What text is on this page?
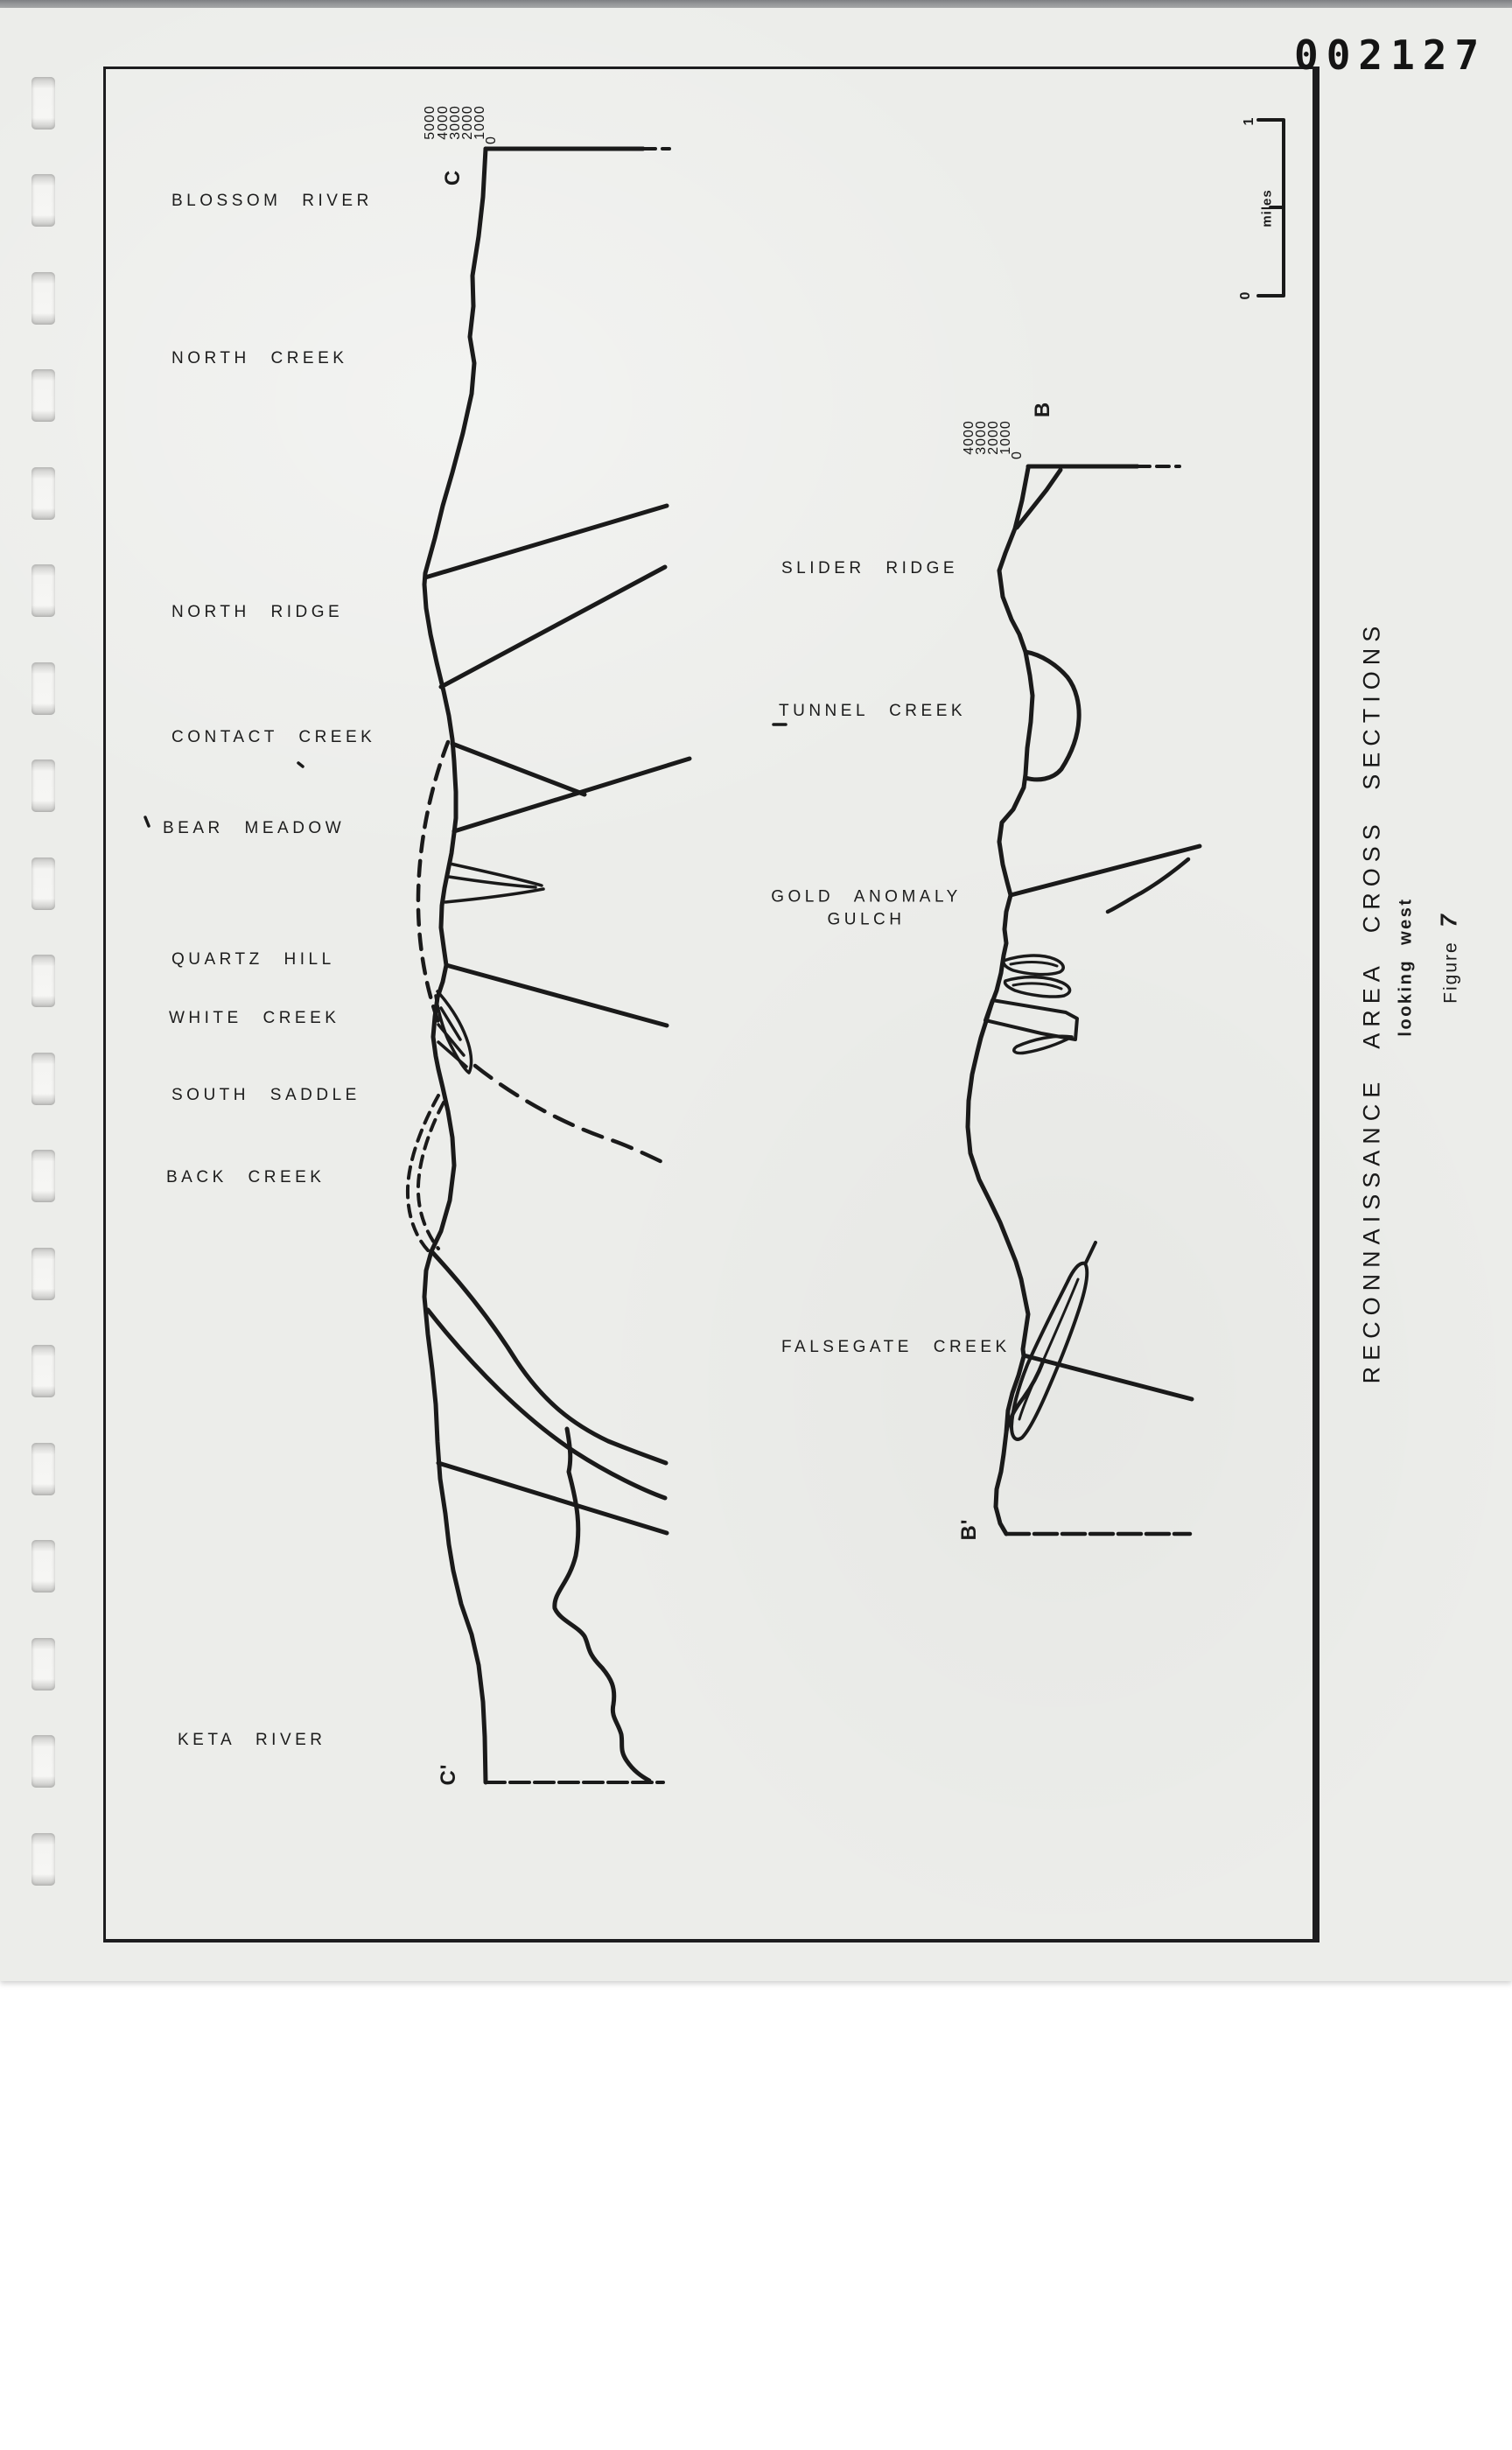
002127
5000
4000
3000
2000
1000
0
C
C'
BLOSSOM RIVER
NORTH CREEK
NORTH RIDGE
CONTACT CREEK
BEAR MEADOW
QUARTZ HILL
WHITE CREEK
SOUTH SADDLE
BACK CREEK
KETA RIVER
4000
3000
2000
1000
0
B
B'
SLIDER RIDGE
TUNNEL CREEK
GOLD ANOMALY
GULCH
FALSEGATE CREEK
1
0
miles
RECONNAISSANCE AREA CROSS SECTIONS looking west Figure  7
